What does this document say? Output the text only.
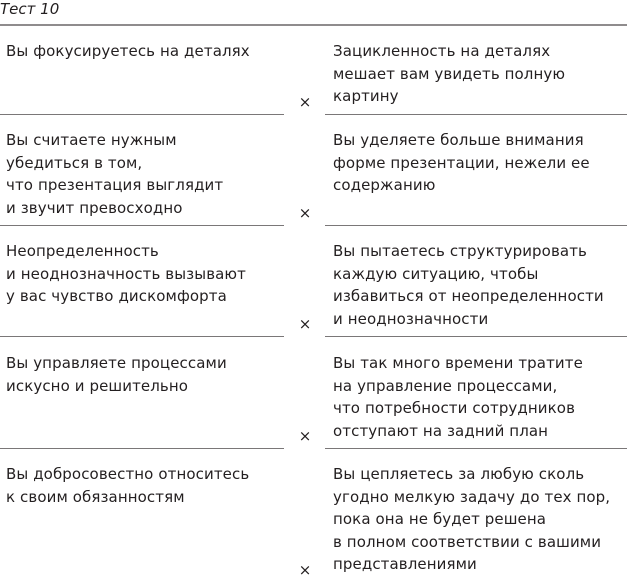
Тест 10
Вы фокусируетесь на деталях	Зацикленность на деталях
мешает вам увидеть полную
картину
×
Вы считаете нужным
убедиться в том,
что презентация выглядит
и звучит превосходно
Вы уделяете больше внимания
форме презентации, нежели ее
содержанию
×
Неопределенность
и неоднозначность вызывают
у вас чувство дискомфорта
Вы пытаетесь структурировать
каждую ситуацию, чтобы
избавиться от неопределенности
и неоднозначности
×
Вы управляете процессами
искусно и решительно
Вы так много времени тратите
на управление процессами,
что потребности сотрудников
отступают на задний план
×
Вы добросовестно относитесь
к своим обязанностям
Вы цепляетесь за любую сколь
угодно мелкую задачу до тех пор,
пока она не будет решена
в полном соответствии с вашими
представлениями
×
